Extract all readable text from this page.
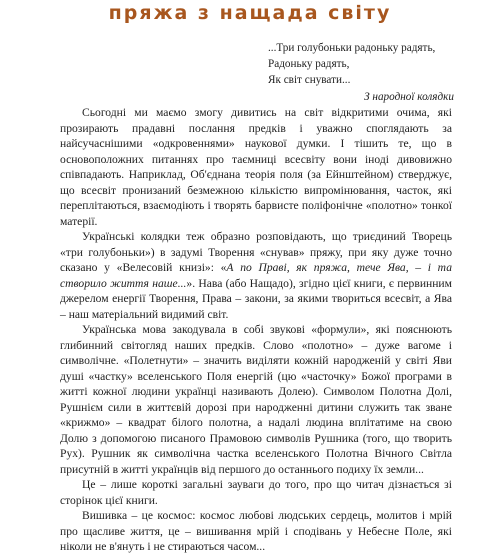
пряжа з нащада світу
...Три голубоньки радоньку радять,
Радоньку радять,
Як світ снувати...
З народної колядки

Сьогодні ми маємо змогу дивитись на світ відкритими очима, які прозирають прадавні послання предків і уважно споглядають за найсучаснішими «одкровеннями» наукової думки. І тішить те, що в основоположних питаннях про таємниці всесвіту вони іноді дивовижно співпадають. Наприклад, Об'єднана теорія поля (за Ейнштейном) стверджує, що всесвіт пронизаний безмежною кількістю випромінювання, часток, які переплітаються, взаємодіють і творять барвисте поліфонічне «полотно» тонкої матерії.

Українські колядки теж образно розповідають, що триєдиний Творець «три голубоньки») в задумі Творення «снував» пряжу, при яку дуже точно сказано у «Велесовій книзі»: «А по Праві, як пряжа, тече Ява, – і та створило життя наше...». Нава (або Нащадо), згідно цієї книги, є первинним джерелом енергії Творення, Права – закони, за якими твориться всесвіт, а Ява – наш матеріальний видимий світ.

Українська мова закодувала в собі звукові «формули», які пояснюють глибинний світогляд наших предків. Слово «полотно» – дуже вагоме і символічне. «Полетнути» – значить виділяти кожній народженій у світі Яви душі «частку» вселенського Поля енергій (цю «часточку» Божої програми в житті кожної людини українці називають Долею). Символом Полотна Долі, Рушнієм сили в життєвій дорозі при народженні дитини служить так зване «крижмо» – квадрат білого полотна, а надалі людина вплітатиме на свою Долю з допомогою писаного Прамовою символів Рушника (того, що творить Рух). Рушник як символічна частка вселенського Полотна Вічного Світла присутній в житті українців від першого до останнього подиху їх земли...

Це – лише короткі загальні зауваги до того, про що читач дізнається зі сторінок цієї книги.

Вишивка – це космос: космос любові людських сердець, молитов і мрій про щасливе життя, це – вишивання мрій і сподівань у Небесне Поле, які ніколи не в'януть і не стираються часом...
